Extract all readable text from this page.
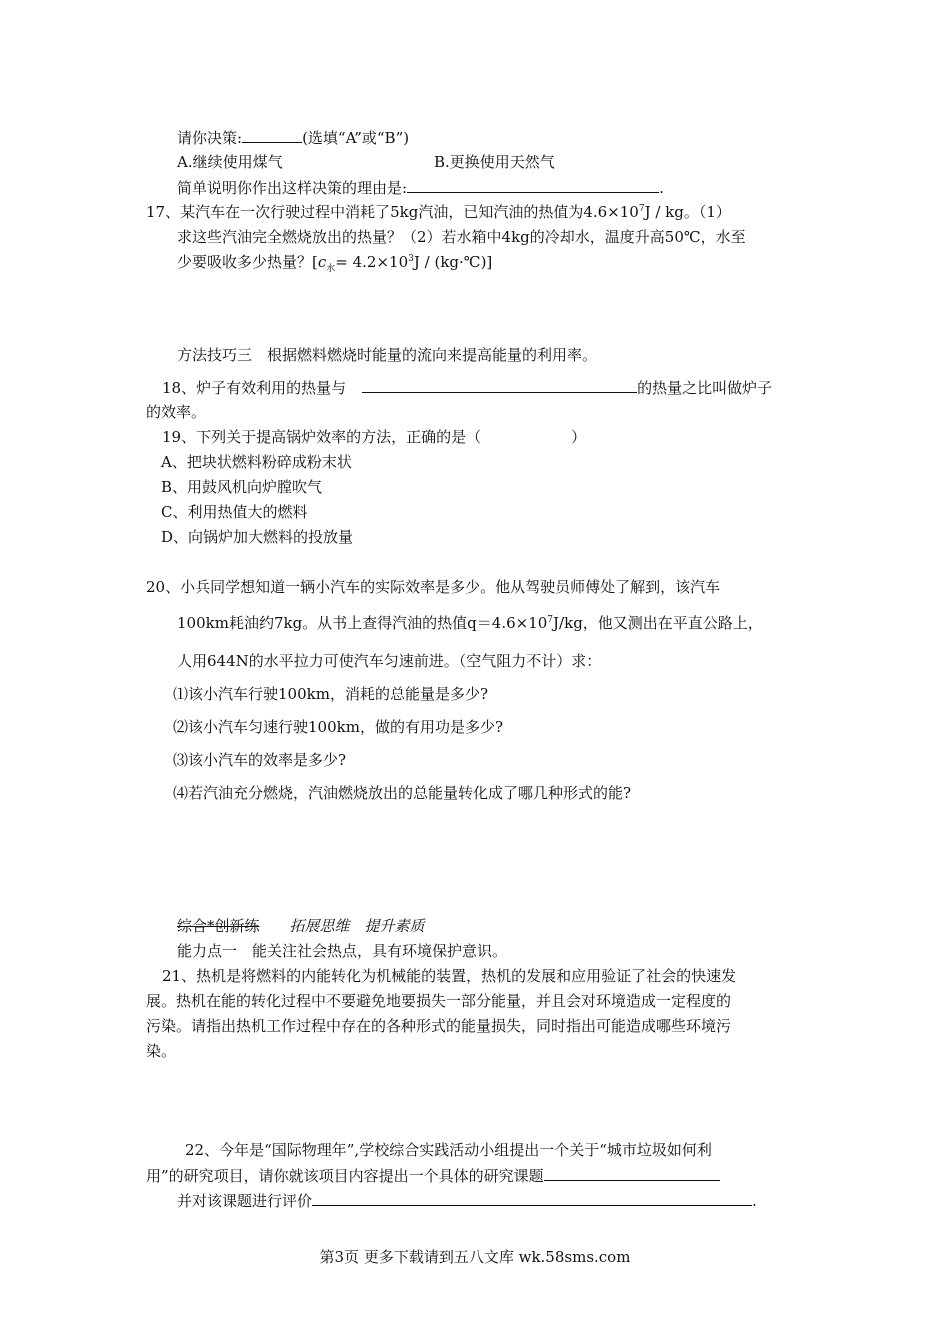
请你决策:	(选填“A”或“B”)
A.继续使用煤气	B.更换使用天然气
简单说明你作出这样决策的理由是:	.
17、某汽车在一次行驶过程中消耗了5kg汽油，已知汽油的热值为$4.6\times 10^7J$ / kg。（1）
求这些汽油完全燃烧放出的热量？（2）若水箱中4kg的冷却水，温度升高50℃，水至
少要吸收多少热量？[$c_水= 4.2\times 10^3J$ / (kg·℃)]
方法技巧三　根据燃料燃烧时能量的流向来提高能量的利用率。
18、炉子有效利用的热量与	的热量之比叫做炉子
的效率。
19、下列关于提高锅炉效率的方法，正确的是（　　　　　　）
A、把块状燃料粉碎成粉末状
B、用鼓风机向炉膛吹气
C、利用热值大的燃料
D、向锅炉加大燃料的投放量
20、小兵同学想知道一辆小汽车的实际效率是多少。他从驾驶员师傅处了解到，该汽车
100km耗油约7kg。从书上查得汽油的热值$q=4.6\times 10^7J/kg$，他又测出在平直公路上，
人用644N的水平拉力可使汽车匀速前进。（空气阻力不计）求：
⑴该小汽车行驶100km，消耗的总能量是多少?
⑵该小汽车匀速行驶100km，做的有用功是多少?
⑶该小汽车的效率是多少?
⑷若汽油充分燃烧，汽油燃烧放出的总能量转化成了哪几种形式的能?
综合*创新练 拓展思维　提升素质
能力点一　能关注社会热点，具有环境保护意识。
21、热机是将燃料的内能转化为机械能的装置，热机的发展和应用验证了社会的快速发
展。热机在能的转化过程中不要避免地要损失一部分能量，并且会对环境造成一定程度的
污染。请指出热机工作过程中存在的各种形式的能量损失，同时指出可能造成哪些环境污
染。
22、今年是“国际物理年”,学校综合实践活动小组提出一个关于“城市垃圾如何利
用”的研究项目，请你就该项目内容提出一个具体的研究课题
并对该课题进行评价	.
第3页 更多下载请到五八文库 wk.58sms.com
